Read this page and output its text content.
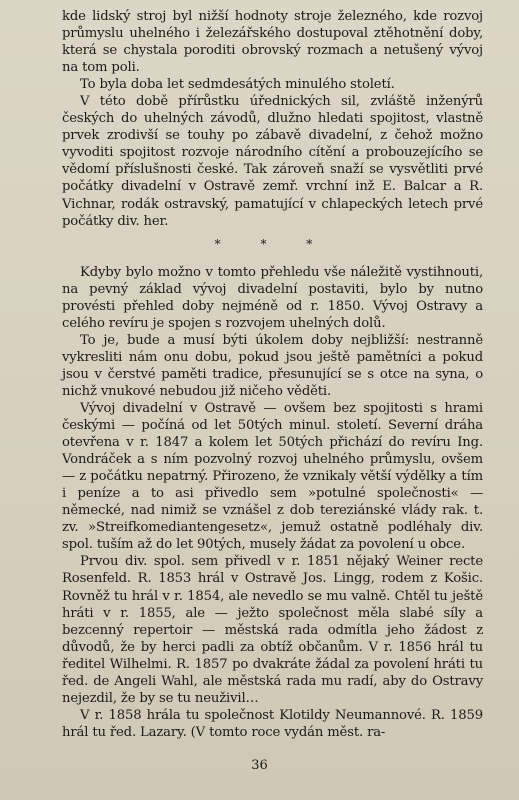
kde lidský stroj byl nižší hodnoty stroje železného, kde rozvoj průmyslu uhelného i železářského dostupoval ztěhotnění doby, která se chystala poroditi obrovský rozmach a netušený vývoj na tom poli.

To byla doba let sedmdesátých minulého století.

V této době přírůstku úřednických sil, zvláště inženýrů českých do uhelných závodů, dlužno hledati spojitost, vlastně prvek zrodivší se touhy po zábavě divadelní, z čehož možno vyvoditi spojitost rozvoje národního cítění a probouzejícího se vědomí příslušnosti české. Tak zároveň snaží se vysvětliti prvé počátky divadelní v Ostravě zemř. vrchní inž E. Balcar a R. Vichnar, rodák ostravský, pamatující v chlapeckých letech prvé počátky div. her.

* * *

Kdyby bylo možno v tomto přehledu vše náležitě vystihnouti, na pevný základ vývoj divadelní postaviti, bylo by nutno provésti přehled doby nejméně od r. 1850. Vývoj Ostravy a celého revíru je spojen s rozvojem uhelných dolů.

To je, bude a musí býti úkolem doby nejbližší: nestranně vykresliti nám onu dobu, pokud jsou ještě pamětníci a pokud jsou v čerstvé paměti tradice, přesunující se s otce na syna, o nichž vnukové nebudou již ničeho věděti.

Vývoj divadelní v Ostravě — ovšem bez spojitosti s hrami českými — počíná od let 50tých minul. století. Severní dráha otevřena v r. 1847 a kolem let 50tých přichází do revíru Ing. Vondráček a s ním pozvolný rozvoj uhelného průmyslu, ovšem — z počátku nepatrný. Přirozeno, že vznikaly větší výdělky a tím i peníze a to asi přivedlo sem »potulné společnosti« — německé, nad nimiž se vznášel z dob tereziánské vlády rak. t. zv. »Streifkomediantengesetz«, jemuž ostatně podléhaly div. spol. tuším až do let 90tých, musely žádat za povolení u obce.

Prvou div. spol. sem přivedl v r. 1851 nějaký Weiner recte Rosenfeld. R. 1853 hrál v Ostravě Jos. Lingg, rodem z Košic. Rovněž tu hrál v r. 1854, ale nevedlo se mu valně. Chtěl tu ještě hráti v r. 1855, ale — ježto společnost měla slabé síly a bezcenný repertoir — městská rada odmítla jeho žádost z důvodů, že by herci padli za obtíž občanům. V r. 1856 hrál tu ředitel Wilhelmi. R. 1857 po dvakráte žádal za povolení hráti tu řed. de Angeli Wahl, ale městská rada mu radí, aby do Ostravy nejezdil, že by se tu neuživil…

V r. 1858 hrála tu společnost Klotildy Neumannové. R. 1859 hrál tu řed. Lazary. (V tomto roce vydán měst. ra-

36
